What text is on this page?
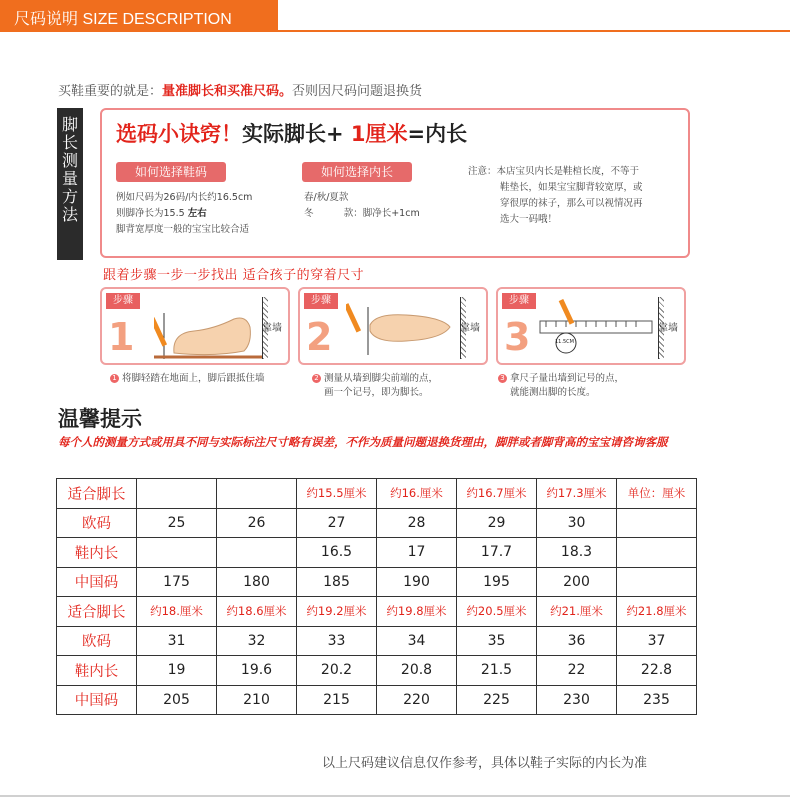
尺码说明 SIZE DESCRIPTION
买鞋重要的就是：量准脚长和买准尺码。否则因尺码问题退换货
脚长测量方法
选码小诀窍！实际脚长+ 1厘米=内长
如何选择鞋码	如何选择内长
例如尺码为26码/内长约16.5cm
则脚净长为15.5 左右
脚背宽厚度一般的宝宝比较合适
春/秋/夏款
冬	款：脚净长+1cm
注意：本店宝贝内长是鞋楦长度，不等于
鞋垫长，如果宝宝脚背较宽厚，或
穿很厚的袜子，那么可以视情况再
选大一码哦！
跟着步骤一步一步找出 适合孩子的穿着尺寸
步骤
1	靠墙
步骤
2	靠墙
步骤
3	11.5CM
靠墙
1 将脚轻踏在地面上，脚后跟抵住墙	2 测量从墙到脚尖前端的点，
画一个记号，即为脚长。
3 拿尺子量出墙到记号的点，
就能测出脚的长度。
温馨提示
每个人的测量方式或用具不同与实际标注尺寸略有误差，不作为质量问题退换货理由，脚胖或者脚背高的宝宝请咨询客服
适合脚长			约15.5厘米	约16.厘米	约16.7厘米	约17.3厘米	单位：厘米
欧码	25	26	27	28	29	30	
鞋内长			16.5	17	17.7	18.3	
中国码	175	180	185	190	195	200	
适合脚长	约18.厘米	约18.6厘米	约19.2厘米	约19.8厘米	约20.5厘米	约21.厘米	约21.8厘米
欧码	31	32	33	34	35	36	37
鞋内长	19	19.6	20.2	20.8	21.5	22	22.8
中国码	205	210	215	220	225	230	235
以上尺码建议信息仅作参考，具体以鞋子实际的内长为准
